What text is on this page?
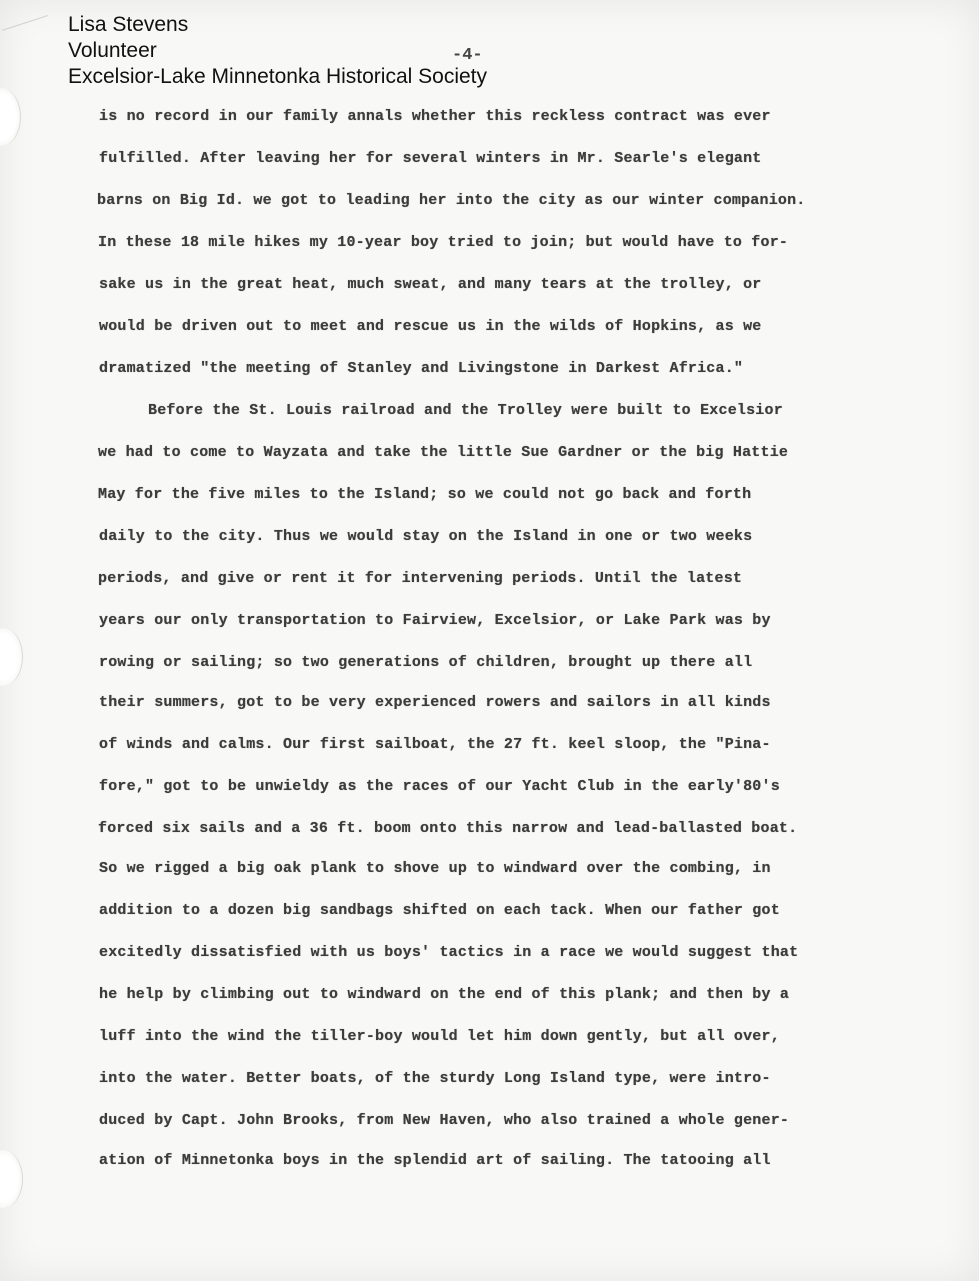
Lisa Stevens
Volunteer
Excelsior-Lake Minnetonka Historical Society
-4-
is no record in our family annals whether this reckless contract was ever
fulfilled. After leaving her for several winters in Mr. Searle's elegant
barns on Big Id. we got to leading her into the city as our winter companion.
In these 18 mile hikes my 10-year boy tried to join; but would have to for-
sake us in the great heat, much sweat, and many tears at the trolley, or
would be driven out to meet and rescue us in the wilds of Hopkins, as we
dramatized "the meeting of Stanley and Livingstone in Darkest Africa."
Before the St. Louis railroad and the Trolley were built to Excelsior
we had to come to Wayzata and take the little Sue Gardner or the big Hattie
May for the five miles to the Island; so we could not go back and forth
daily to the city. Thus we would stay on the Island in one or two weeks
periods, and give or rent it for intervening periods. Until the latest
years our only transportation to Fairview, Excelsior, or Lake Park was by
rowing or sailing; so two generations of children, brought up there all
their summers, got to be very experienced rowers and sailors in all kinds
of winds and calms. Our first sailboat, the 27 ft. keel sloop, the "Pina-
fore," got to be unwieldy as the races of our Yacht Club in the early'80's
forced six sails and a 36 ft. boom onto this narrow and lead-ballasted boat.
So we rigged a big oak plank to shove up to windward over the combing, in
addition to a dozen big sandbags shifted on each tack. When our father got
excitedly dissatisfied with us boys' tactics in a race we would suggest that
he help by climbing out to windward on the end of this plank; and then by a
luff into the wind the tiller-boy would let him down gently, but all over,
into the water. Better boats, of the sturdy Long Island type, were intro-
duced by Capt. John Brooks, from New Haven, who also trained a whole gener-
ation of Minnetonka boys in the splendid art of sailing. The tatooing all
